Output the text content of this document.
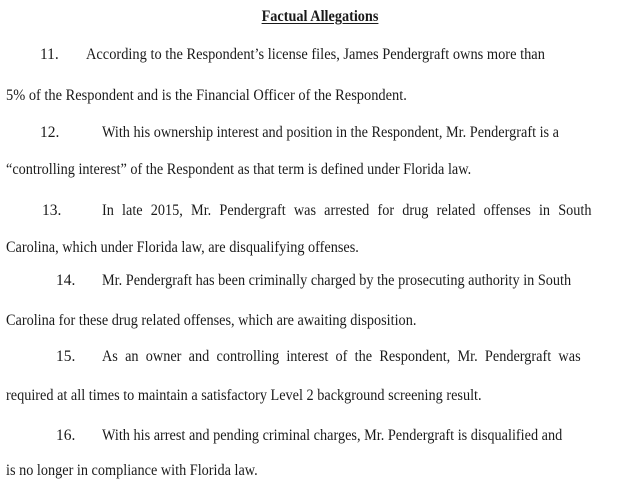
Factual Allegations
11. According to the Respondent’s license files, James Pendergraft owns more than
5% of the Respondent and is the Financial Officer of the Respondent.
12.	With his ownership interest and position in the Respondent, Mr. Pendergraft is a
“controlling interest” of the Respondent as that term is defined under Florida law.
13.	In late 2015, Mr. Pendergraft was arrested for drug related offenses in South
Carolina, which under Florida law, are disqualifying offenses.
14. Mr. Pendergraft has been criminally charged by the prosecuting authority in South
Carolina for these drug related offenses, which are awaiting disposition.
15. As an owner and controlling interest of the Respondent, Mr. Pendergraft was
required at all times to maintain a satisfactory Level 2 background screening result.
16. With his arrest and pending criminal charges, Mr. Pendergraft is disqualified and
is no longer in compliance with Florida law.
